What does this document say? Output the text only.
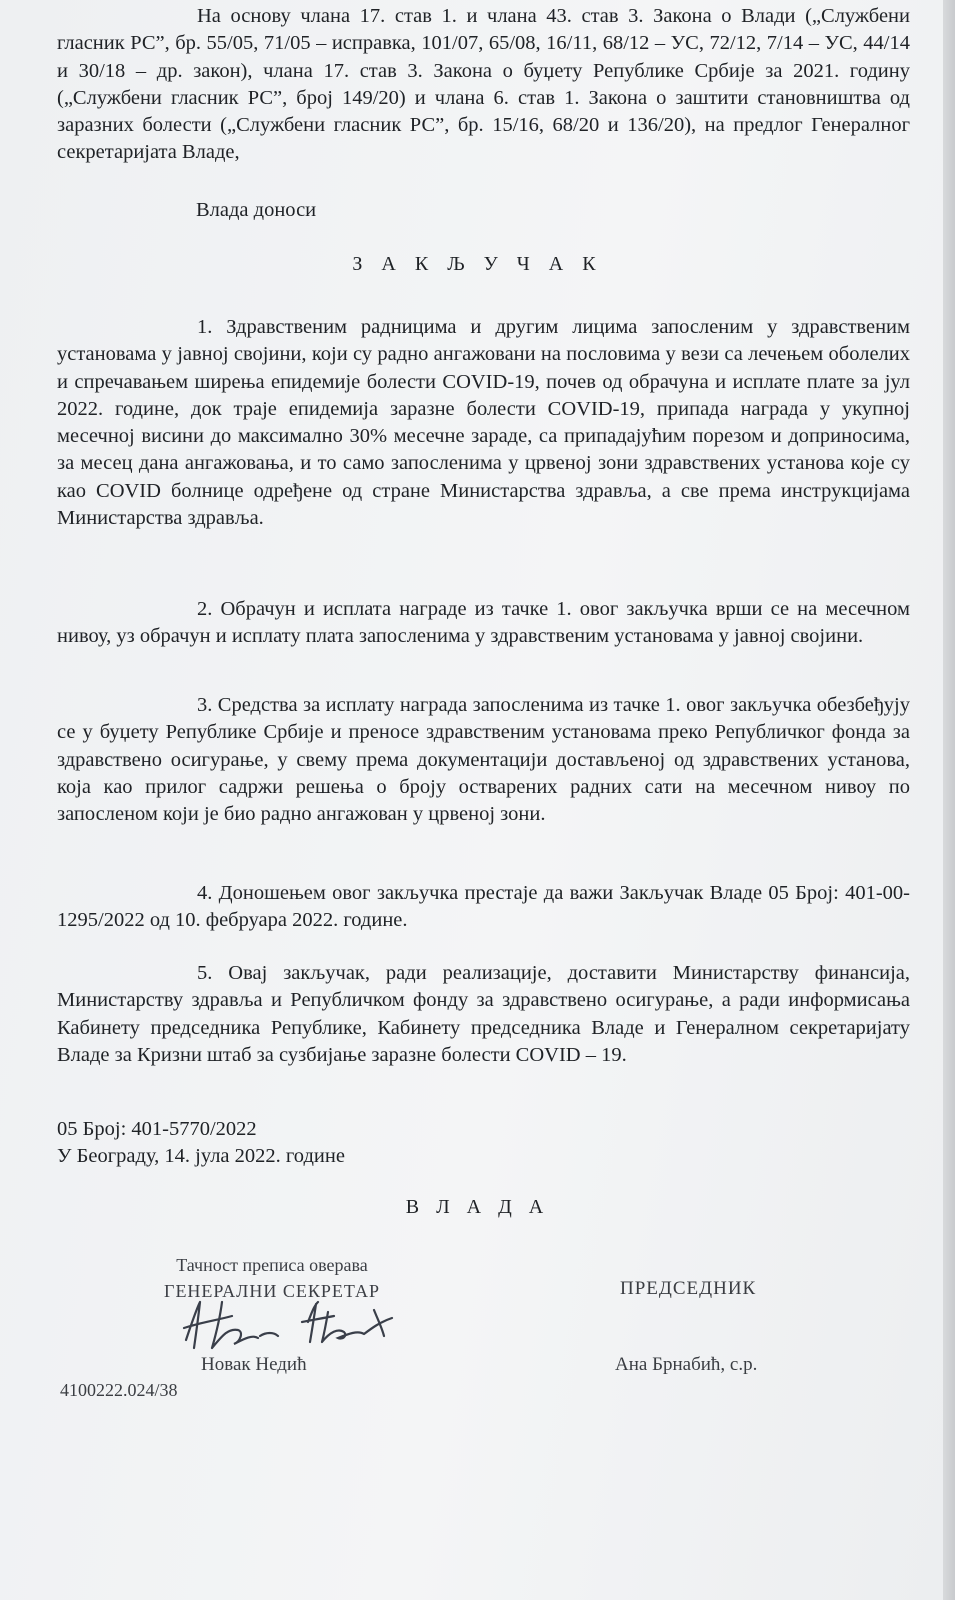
На основу члана 17. став 1. и члана 43. став 3. Закона о Влади („Службени гласник РС”, бр. 55/05, 71/05 – исправка, 101/07, 65/08, 16/11, 68/12 – УС, 72/12, 7/14 – УС, 44/14 и 30/18 – др. закон), члана 17. став 3. Закона о буџету Републике Србије за 2021. годину („Службени гласник РС”, број 149/20) и члана 6. став 1. Закона о заштити становништва од заразних болести („Службени гласник РС”, бр. 15/16, 68/20 и 136/20), на предлог Генералног секретаријата Владе,

Влада доноси
З А К Љ У Ч А К

1. Здравственим радницима и другим лицима запосленим у здравственим установама у јавној својини, који су радно ангажовани на пословима у вези са лечењем оболелих и спречавањем ширења епидемије болести COVID-19, почев од обрачуна и исплате плате за јул 2022. године, док траје епидемија заразне болести COVID-19, припада награда у укупној месечној висини до максимално 30% месечне зараде, са припадајућим порезом и доприносима, за месец дана ангажовања, и то само запосленима у црвеној зони здравствених установа које су као COVID болнице одређене од стране Министарства здравља, а све према инструкцијама Министарства здравља.

2. Обрачун и исплата награде из тачке 1. овог закључка врши се на месечном нивоу, уз обрачун и исплату плата запосленима у здравственим установама у јавној својини.

3. Средства за исплату награда запосленима из тачке 1. овог закључка обезбеђују се у буџету Републике Србије и преносе здравственим установама преко Републичког фонда за здравствено осигурање, у свему према документацији достављеној од здравствених установа, која као прилог садржи решења о броју остварених радних сати на месечном нивоу по запосленом који је био радно ангажован у црвеној зони.

4. Доношењем овог закључка престаје да важи Закључак Владе 05 Број: 401-00-1295/2022 од 10. фебруара 2022. године.

5. Овај закључак, ради реализације, доставити Министарству финансија, Министарству здравља и Републичком фонду за здравствено осигурање, а ради информисања Кабинету председника Републике, Кабинету председника Владе и Генералном секретаријату Владе за Кризни штаб за сузбијање заразне болести COVID – 19.

05 Број: 401-5770/2022
У Београду, 14. јула 2022. године
В Л А Д А
Тачност преписа оверава
ГЕНЕРАЛНИ СЕКРЕТАР	ПРЕДСЕДНИК
Новак Недић	Ана Брнабић, с.р.
4100222.024/38
